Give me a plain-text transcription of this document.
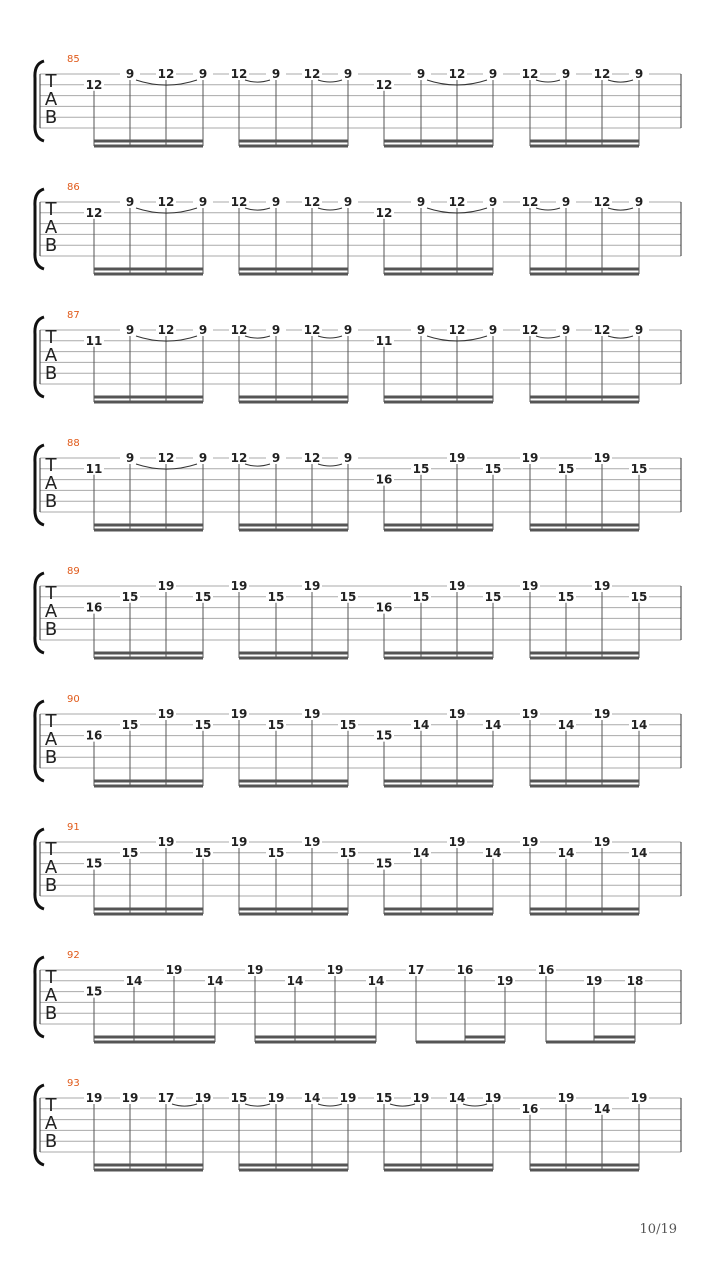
T
A
B
85
12
9 12 9 12 9 12 9
12
9 12 9 12 9 12 9
T
A
B
86
12
9 12 9 12 9 12 9
12
9 12 9 12 9 12 9
T
A
B
87
11
9 12 9 12 9 12 9
11
9 12 9 12 9 12 9
T
A
B
88
11
9 12 9 12 9 12 9
16
15
19
15
19
15
19
15
T
A
B
89
16
15
19
15
19
15
19
15
16
15
19
15
19
15
19
15
T
A
B
90
16
15
19
15
19
15
19
15
15
14
19
14
19
14
19
14
T
A
B
91
15
15
19
15
19
15
19
15
15
14
19
14
19
14
19
14
T
A
B
92
15
14
19
14
19
14
19
14
17	16
19
16
19 18
T
A
B
93
19 19 17 19 15 19 14 19 15 19 14 19
16
19
14
19
10/19
